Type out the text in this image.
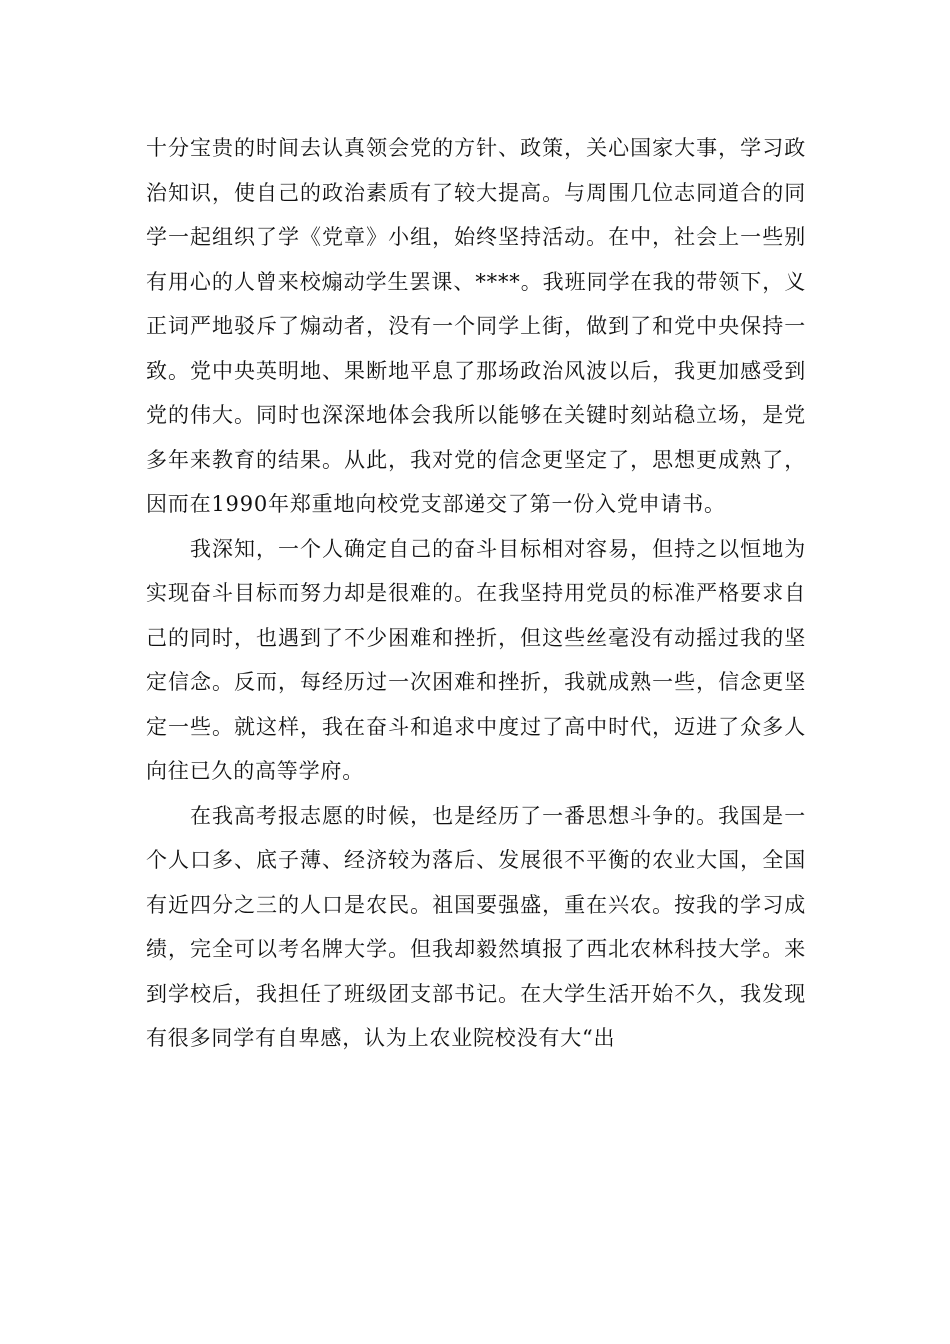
十分宝贵的时间去认真领会党的方针、政策，关心国家大事，学习政治知识，使自己的政治素质有了较大提高。与周围几位志同道合的同学一起组织了学《党章》小组，始终坚持活动。在中，社会上一些别有用心的人曾来校煽动学生罢课、****。我班同学在我的带领下，义正词严地驳斥了煽动者，没有一个同学上街，做到了和党中央保持一致。党中央英明地、果断地平息了那场政治风波以后，我更加感受到党的伟大。同时也深深地体会我所以能够在关键时刻站稳立场，是党多年来教育的结果。从此，我对党的信念更坚定了，思想更成熟了，因而在1990年郑重地向校党支部递交了第一份入党申请书。

我深知，一个人确定自己的奋斗目标相对容易，但持之以恒地为实现奋斗目标而努力却是很难的。在我坚持用党员的标准严格要求自己的同时，也遇到了不少困难和挫折，但这些丝毫没有动摇过我的坚定信念。反而，每经历过一次困难和挫折，我就成熟一些，信念更坚定一些。就这样，我在奋斗和追求中度过了高中时代，迈进了众多人向往已久的高等学府。

在我高考报志愿的时候，也是经历了一番思想斗争的。我国是一个人口多、底子薄、经济较为落后、发展很不平衡的农业大国，全国有近四分之三的人口是农民。祖国要强盛，重在兴农。按我的学习成绩，完全可以考名牌大学。但我却毅然填报了西北农林科技大学。来到学校后，我担任了班级团支部书记。在大学生活开始不久，我发现有很多同学有自卑感，认为上农业院校没有大“出
